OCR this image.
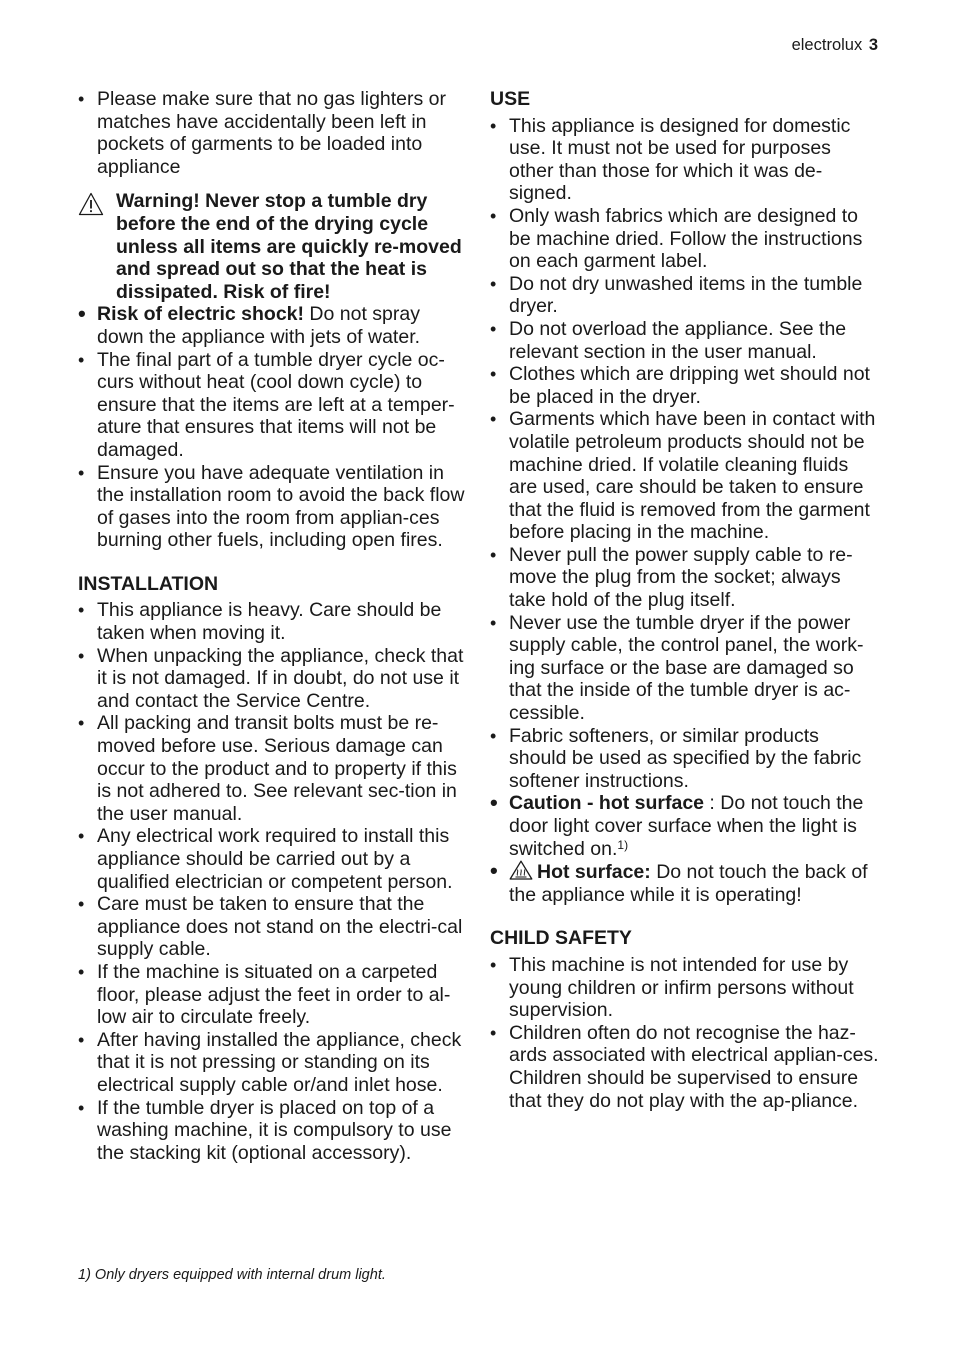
electrolux 3
• Please make sure that no gas lighters or matches have accidentally been left in pockets of garments to be loaded into appliance
Warning! Never stop a tumble dry before the end of the drying cycle unless all items are quickly re-moved and spread out so that the heat is dissipated. Risk of fire!
• Risk of electric shock! Do not spray down the appliance with jets of water.
• The final part of a tumble dryer cycle oc-curs without heat (cool down cycle) to ensure that the items are left at a temper-ature that ensures that items will not be damaged.
• Ensure you have adequate ventilation in the installation room to avoid the back flow of gases into the room from applian-ces burning other fuels, including open fires.
INSTALLATION
• This appliance is heavy. Care should be taken when moving it.
• When unpacking the appliance, check that it is not damaged. If in doubt, do not use it and contact the Service Centre.
• All packing and transit bolts must be re-moved before use. Serious damage can occur to the product and to property if this is not adhered to. See relevant sec-tion in the user manual.
• Any electrical work required to install this appliance should be carried out by a qualified electrician or competent person.
• Care must be taken to ensure that the appliance does not stand on the electri-cal supply cable.
• If the machine is situated on a carpeted floor, please adjust the feet in order to al-low air to circulate freely.
• After having installed the appliance, check that it is not pressing or standing on its electrical supply cable or/and inlet hose.
• If the tumble dryer is placed on top of a washing machine, it is compulsory to use the stacking kit (optional accessory).
USE
• This appliance is designed for domestic use. It must not be used for purposes other than those for which it was de-signed.
• Only wash fabrics which are designed to be machine dried. Follow the instructions on each garment label.
• Do not dry unwashed items in the tumble dryer.
• Do not overload the appliance. See the relevant section in the user manual.
• Clothes which are dripping wet should not be placed in the dryer.
• Garments which have been in contact with volatile petroleum products should not be machine dried. If volatile cleaning fluids are used, care should be taken to ensure that the fluid is removed from the garment before placing in the machine.
• Never pull the power supply cable to re-move the plug from the socket; always take hold of the plug itself.
• Never use the tumble dryer if the power supply cable, the control panel, the work-ing surface or the base are damaged so that the inside of the tumble dryer is ac-cessible.
• Fabric softeners, or similar products should be used as specified by the fabric softener instructions.
• Caution - hot surface : Do not touch the door light cover surface when the light is switched on.$^{1)}$
• Hot surface: Do not touch the back of the appliance while it is operating!
CHILD SAFETY
• This machine is not intended for use by young children or infirm persons without supervision.
• Children often do not recognise the haz-ards associated with electrical applian-ces. Children should be supervised to ensure that they do not play with the ap-pliance.
1) Only dryers equipped with internal drum light.
